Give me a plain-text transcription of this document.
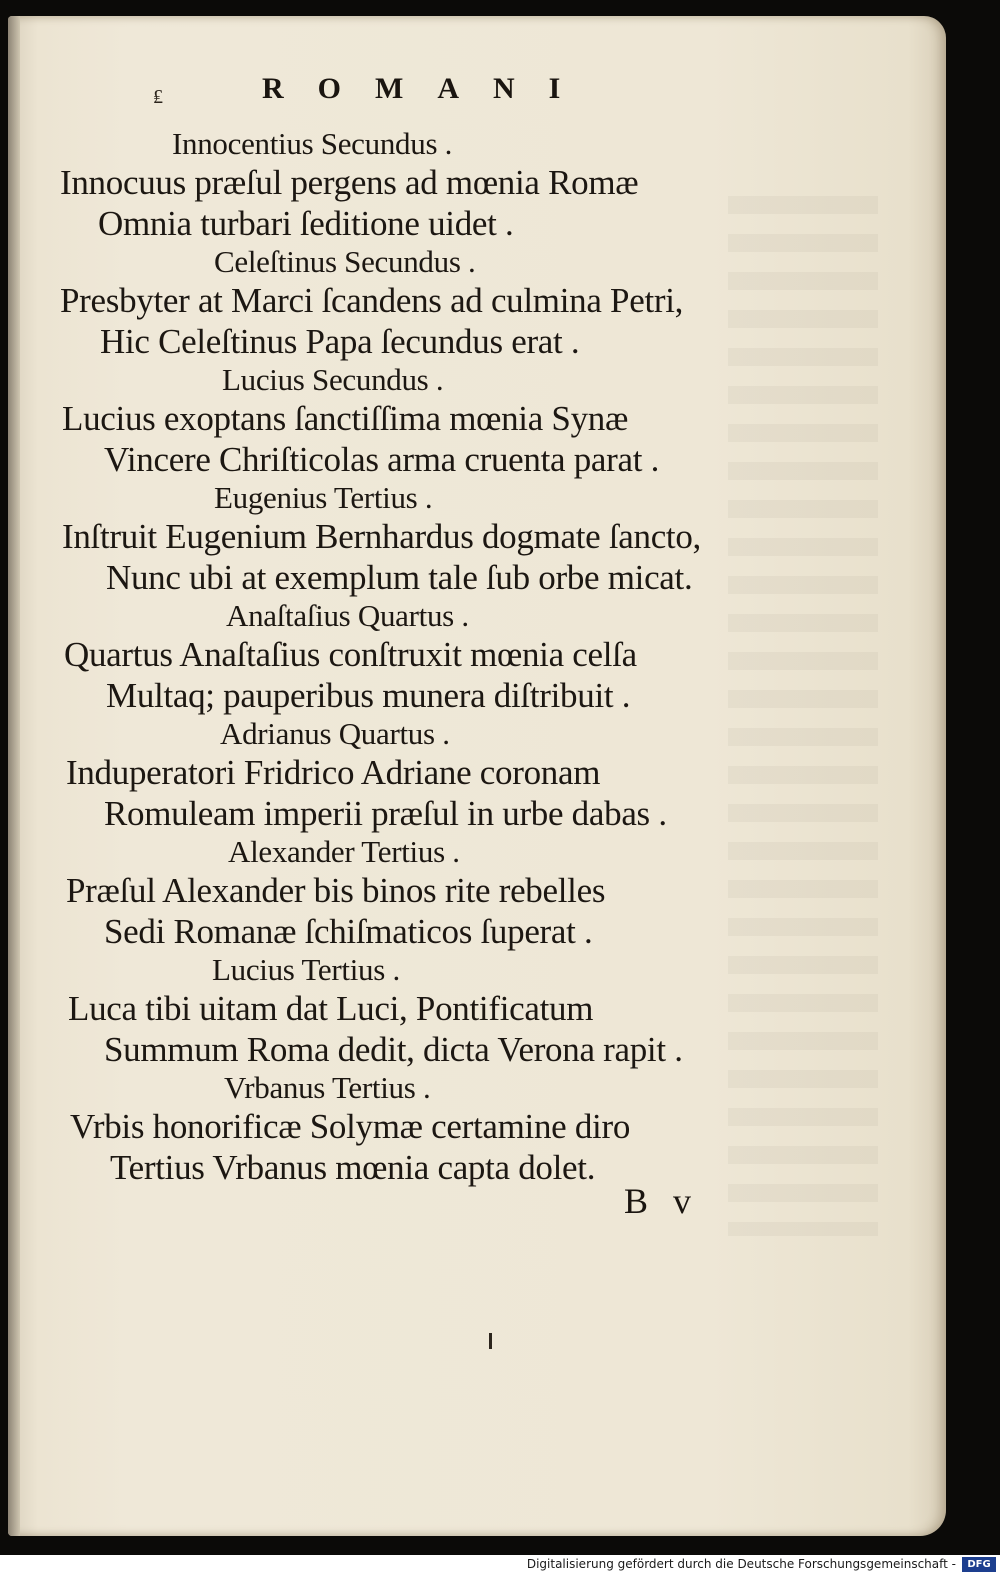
₤	ROMANI
Innocentius Secundus .
Innocuus præſul pergens ad mœnia Romæ
Omnia turbari ſeditione uidet .
Celeſtinus Secundus .
Presbyter at Marci ſcandens ad culmina Petri,
Hic Celeſtinus Papa ſecundus erat .
Lucius Secundus .
Lucius exoptans ſanctiſſima mœnia Synæ
Vincere Chriſticolas arma cruenta parat .
Eugenius Tertius .
Inſtruit Eugenium Bernhardus dogmate ſancto,
Nunc ubi at exemplum tale ſub orbe micat.
Anaſtaſius Quartus .
Quartus Anaſtaſius conſtruxit mœnia celſa
Multaq; pauperibus munera diſtribuit .
Adrianus Quartus .
Induperatori Fridrico Adriane coronam
Romuleam imperii præſul in urbe dabas .
Alexander Tertius .
Præſul Alexander bis binos rite rebelles
Sedi Romanæ ſchiſmaticos ſuperat .
Lucius Tertius .
Luca tibi uitam dat Luci, Pontificatum
Summum Roma dedit, dicta Verona rapit .
Vrbanus Tertius .
Vrbis honorificæ Solymæ certamine diro
Tertius Vrbanus mœnia capta dolet.
B v
Digitalisierung gefördert durch die Deutsche Forschungsgemeinschaft -	DFG
